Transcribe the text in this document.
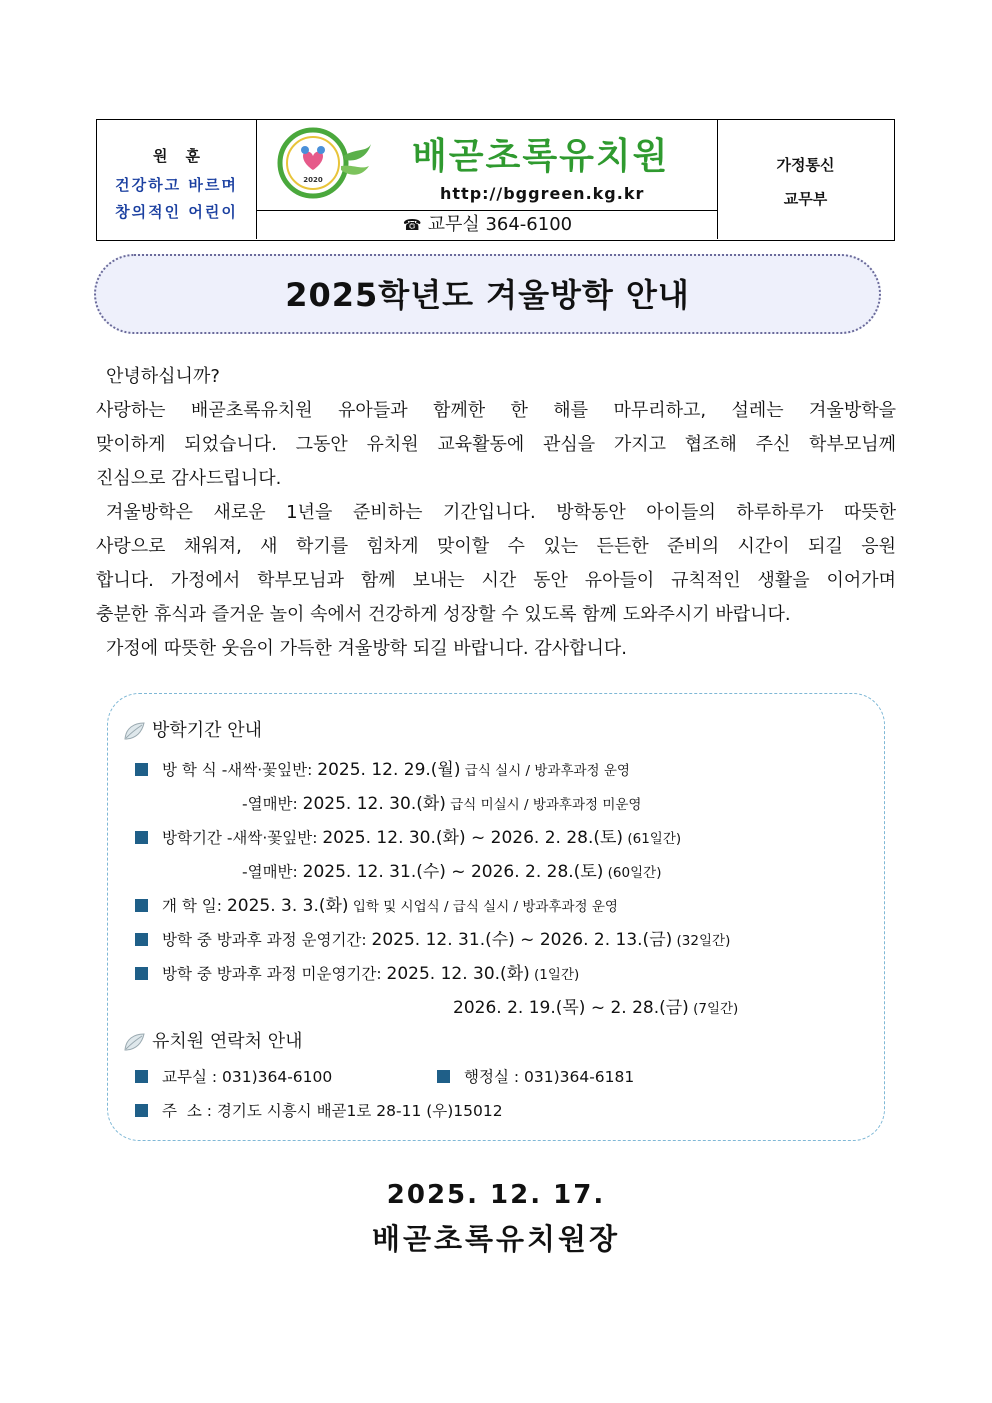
원훈
건강하고 바르며
창의적인 어린이
2020
배곧초록유치원
http://bggreen.kg.kr
☎ 교무실 364-6100
가정통신
교무부
2025학년도 겨울방학 안내

안녕하십니까?

사랑하는 배곧초록유치원 유아들과 함께한 한 해를 마무리하고, 설레는 겨울방학을

맞이하게 되었습니다. 그동안 유치원 교육활동에 관심을 가지고 협조해 주신 학부모님께

진심으로 감사드립니다.

겨울방학은 새로운 1년을 준비하는 기간입니다. 방학동안 아이들의 하루하루가 따뜻한

사랑으로 채워져, 새 학기를 힘차게 맞이할 수 있는 든든한 준비의 시간이 되길 응원

합니다. 가정에서 학부모님과 함께 보내는 시간 동안 유아들이 규칙적인 생활을 이어가며

충분한 휴식과 즐거운 놀이 속에서 건강하게 성장할 수 있도록 함께 도와주시기 바랍니다.

가정에 따뜻한 웃음이 가득한 겨울방학 되길 바랍니다. 감사합니다.

방학기간 안내
방 학 식 -새싹·꽃잎반: 2025. 12. 29.(월) 급식 실시 / 방과후과정 운영
-열매반: 2025. 12. 30.(화) 급식 미실시 / 방과후과정 미운영
방학기간 -새싹·꽃잎반: 2025. 12. 30.(화) ~ 2026. 2. 28.(토) (61일간)
-열매반: 2025. 12. 31.(수) ~ 2026. 2. 28.(토) (60일간)
개 학 일: 2025. 3. 3.(화) 입학 및 시업식 / 급식 실시 / 방과후과정 운영
방학 중 방과후 과정 운영기간: 2025. 12. 31.(수) ~ 2026. 2. 13.(금) (32일간)
방학 중 방과후 과정 미운영기간: 2025. 12. 30.(화) (1일간)
2026. 2. 19.(목) ~ 2. 28.(금) (7일간)
유치원 연락처 안내
교무실 : 031)364-6100	행정실 : 031)364-6181
주  소 : 경기도 시흥시 배곧1로 28-11 (우)15012
2025. 12. 17.
배곧초록유치원장
